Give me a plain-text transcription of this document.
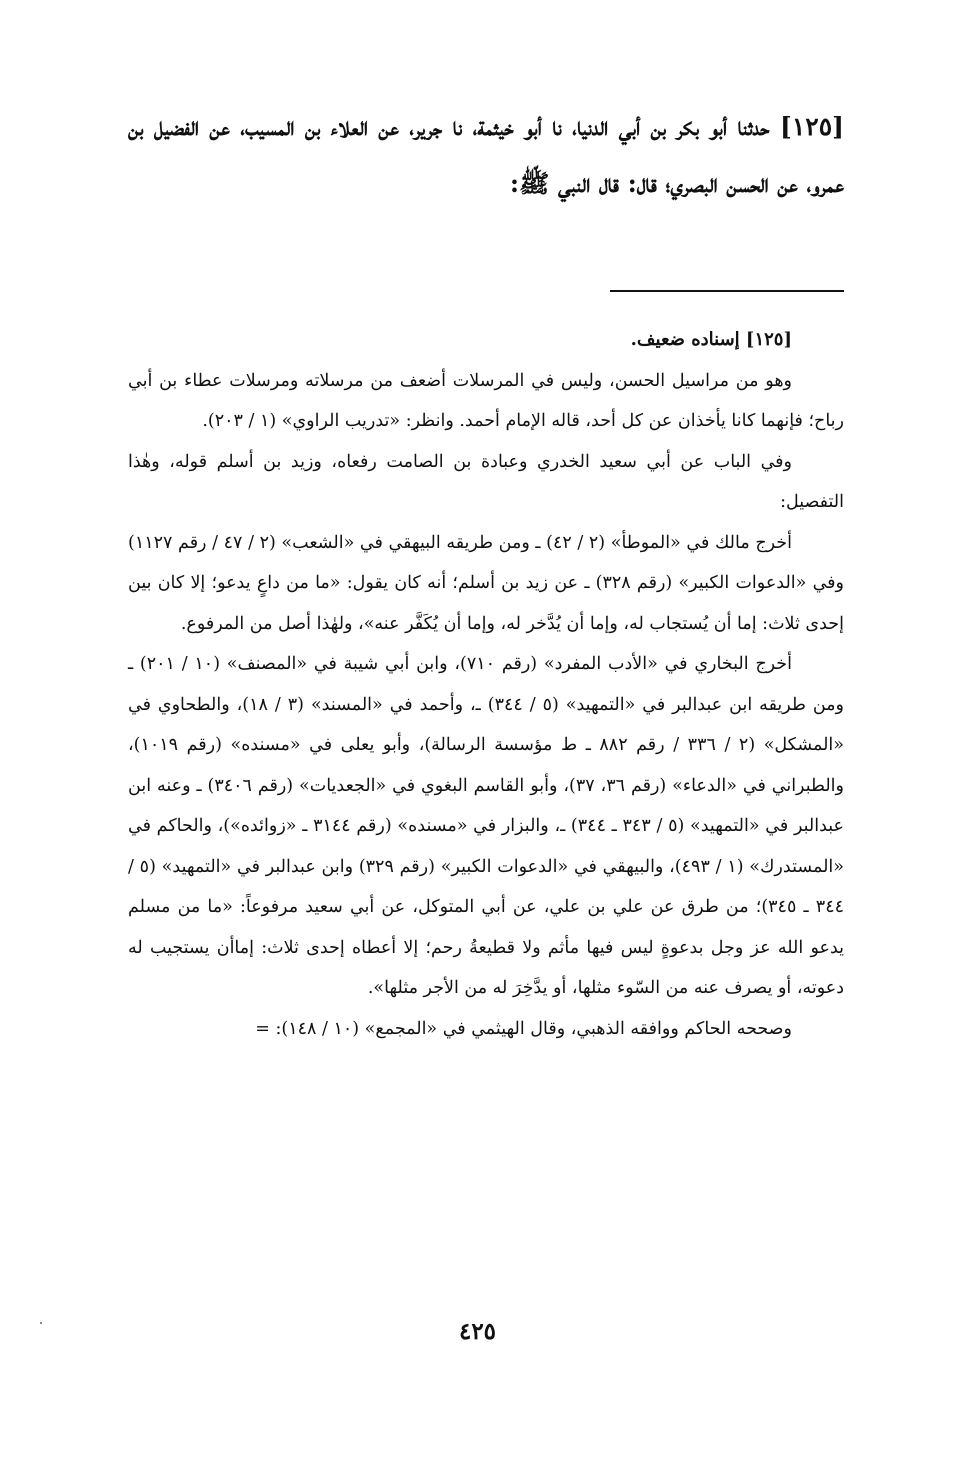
[١٢٥] حدثنا أبو بكر بن أبي الدنيا، نا أبو خيثمة، نا جرير، عن العلاء بن المسيب، عن الفضيل بن عمرو، عن الحسن البصري؛ قال: قال النبي ﷺ:

[١٢٥] إسناده ضعيف.

وهو من مراسيل الحسن، وليس في المرسلات أضعف من مرسلاته ومرسلات عطاء بن أبي رباح؛ فإنهما كانا يأخذان عن كل أحد، قاله الإمام أحمد. وانظر: «تدريب الراوي» (١ / ٢٠٣).

وفي الباب عن أبي سعيد الخدري وعبادة بن الصامت رفعاه، وزيد بن أسلم قوله، وهٰذا التفصيل:

أخرج مالك في «الموطأ» (٢ / ٤٢) ـ ومن طريقه البيهقي في «الشعب» (٢ / ٤٧ / رقم ١١٢٧) وفي «الدعوات الكبير» (رقم ٣٢٨) ـ عن زيد بن أسلم؛ أنه كان يقول: «ما من داعٍ يدعو؛ إلا كان بين إحدى ثلاث: إما أن يُستجاب له، وإما أن يُدَّخر له، وإما أن يُكَفَّر عنه»، ولهٰذا أصل من المرفوع.

أخرج البخاري في «الأدب المفرد» (رقم ٧١٠)، وابن أبي شيبة في «المصنف» (١٠ / ٢٠١) ـ ومن طريقه ابن عبدالبر في «التمهيد» (٥ / ٣٤٤) ـ، وأحمد في «المسند» (٣ / ١٨)، والطحاوي في «المشكل» (٢ / ٣٣٦ / رقم ٨٨٢ ـ ط مؤسسة الرسالة)، وأبو يعلى في «مسنده» (رقم ١٠١٩)، والطبراني في «الدعاء» (رقم ٣٦، ٣٧)، وأبو القاسم البغوي في «الجعديات» (رقم ٣٤٠٦) ـ وعنه ابن عبدالبر في «التمهيد» (٥ / ٣٤٣ ـ ٣٤٤) ـ، والبزار في «مسنده» (رقم ٣١٤٤ ـ «زوائده»)، والحاكم في «المستدرك» (١ / ٤٩٣)، والبيهقي في «الدعوات الكبير» (رقم ٣٢٩) وابن عبدالبر في «التمهيد» (٥ / ٣٤٤ ـ ٣٤٥)؛ من طرق عن علي بن علي، عن أبي المتوكل، عن أبي سعيد مرفوعاً: «ما من مسلم يدعو الله عز وجل بدعوةٍ ليس فيها مأثم ولا قطيعةُ رحم؛ إلا أعطاه إحدى ثلاث: إماأن يستجيب له دعوته، أو يصرف عنه من السّوء مثلها، أو يدَّخِرَ له من الأجر مثلها».

وصححه الحاكم ووافقه الذهبي، وقال الهيثمي في «المجمع» (١٠ / ١٤٨): =

٤٢٥
